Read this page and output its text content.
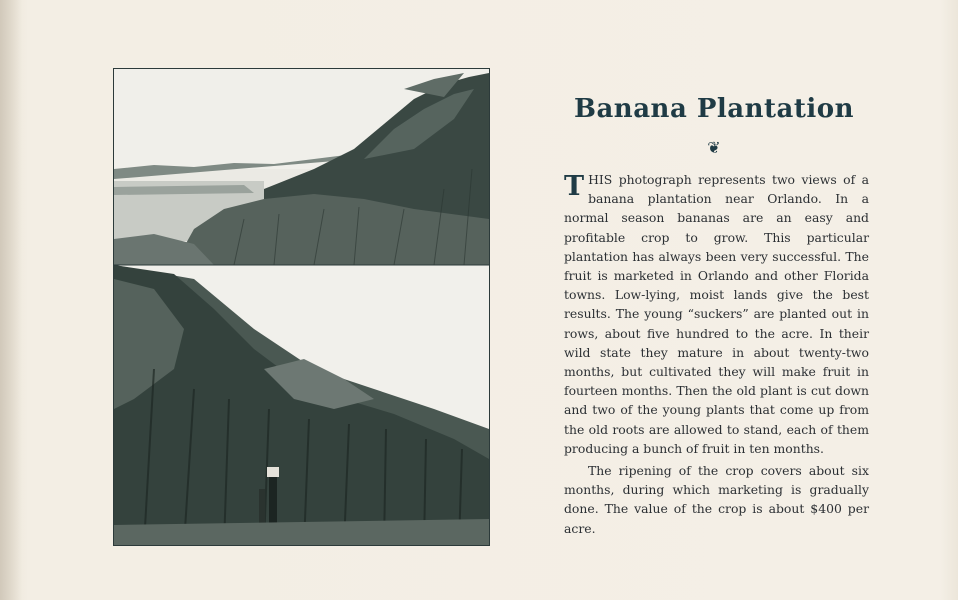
Banana Plantation
❦

THIS photograph represents two views of a banana plantation near Orlando. In a normal season bananas are an easy and profitable crop to grow. This particular plantation has always been very successful. The fruit is marketed in Orlando and other Florida towns. Low-lying, moist lands give the best results. The young “suckers” are planted out in rows, about five hundred to the acre. In their wild state they mature in about twenty-two months, but cultivated they will make fruit in fourteen months. Then the old plant is cut down and two of the young plants that come up from the old roots are allowed to stand, each of them producing a bunch of fruit in ten months.

The ripening of the crop covers about six months, during which marketing is gradually done. The value of the crop is about $400 per acre.
